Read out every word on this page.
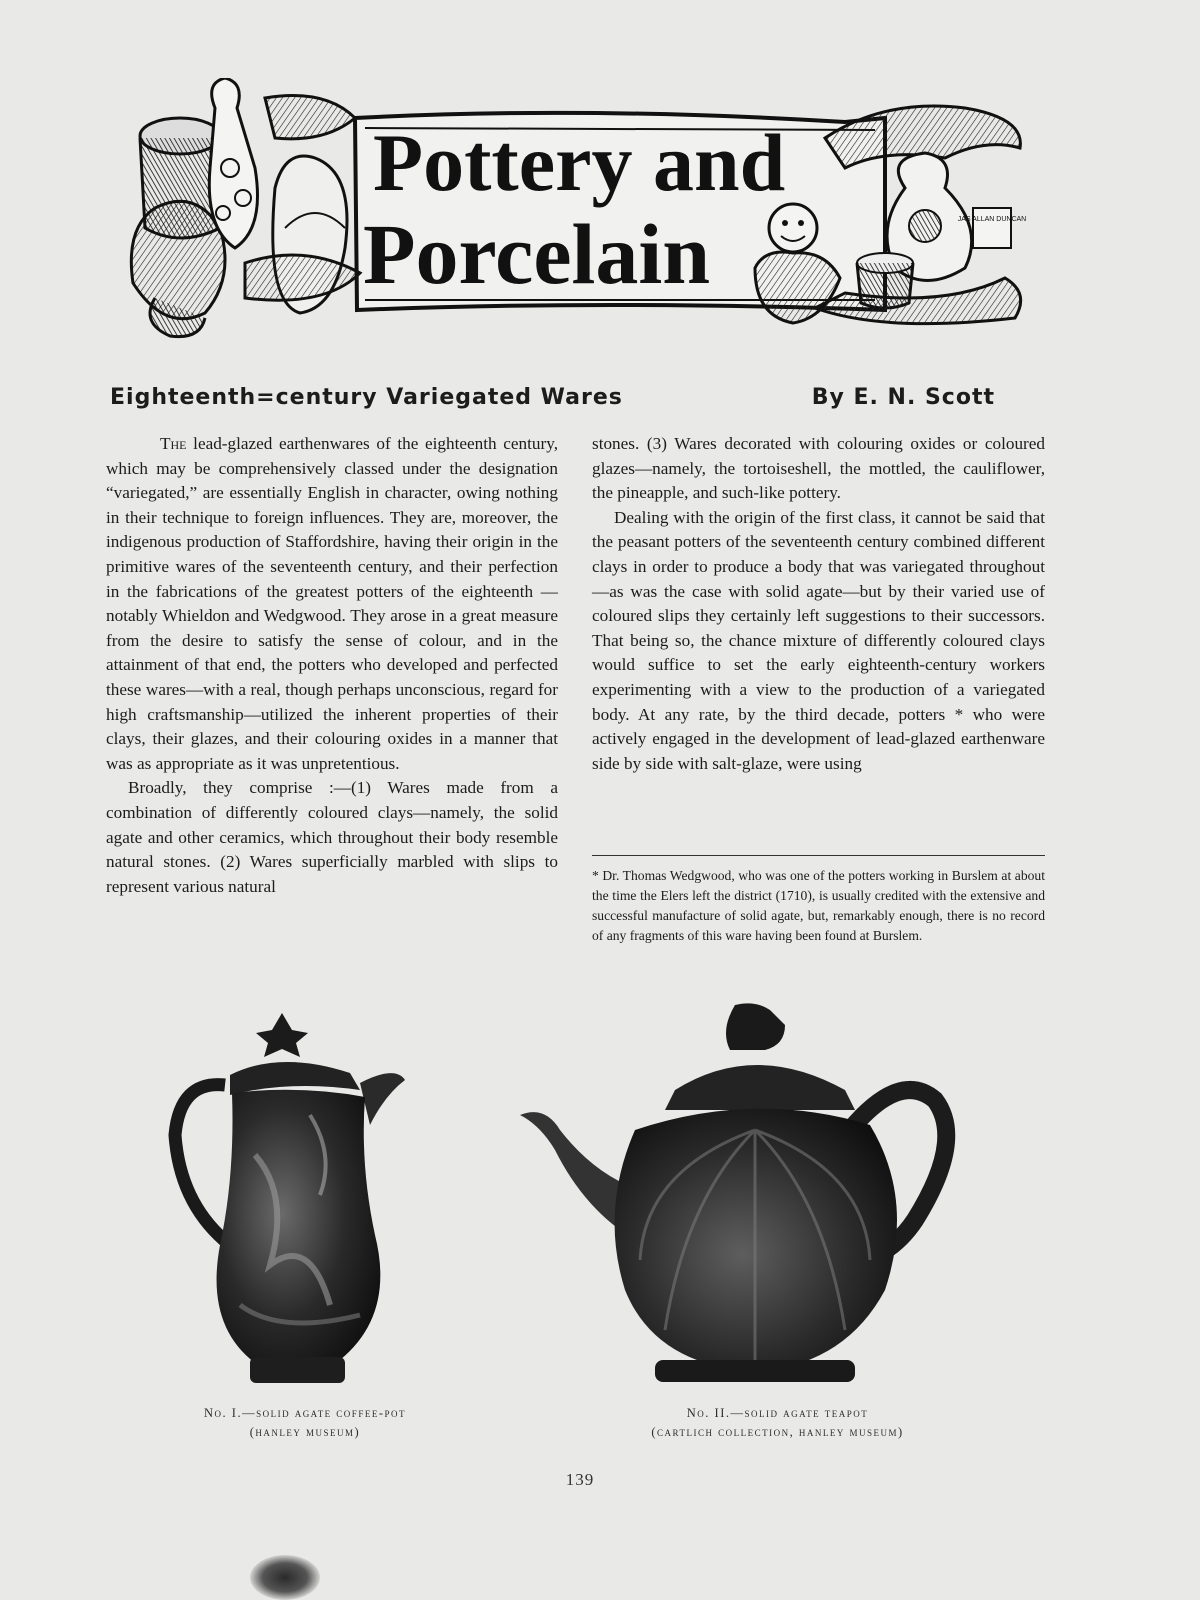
Pottery and
Porcelain	JAS ALLAN DUNCAN
Eighteenth=century Variegated Wares	By E. N. Scott

The lead-glazed earthenwares of the eighteenth century, which may be comprehensively classed under the designation “variegated,” are essentially English in character, owing nothing in their technique to foreign influences. They are, moreover, the indigenous production of Staffordshire, having their origin in the primitive wares of the seventeenth century, and their perfection in the fabrications of the greatest potters of the eighteenth — notably Whieldon and Wedgwood. They arose in a great measure from the desire to satisfy the sense of colour, and in the attainment of that end, the potters who developed and perfected these wares—with a real, though perhaps unconscious, regard for high craftsmanship—utilized the inherent properties of their clays, their glazes, and their colouring oxides in a manner that was as appropriate as it was unpretentious.

Broadly, they comprise :—(1) Wares made from a combination of differently coloured clays—namely, the solid agate and other ceramics, which throughout their body resemble natural stones. (2) Wares superficially marbled with slips to represent various natural

stones. (3) Wares decorated with colouring oxides or coloured glazes—namely, the tortoiseshell, the mottled, the cauliflower, the pineapple, and such-like pottery.

Dealing with the origin of the first class, it cannot be said that the peasant potters of the seventeenth century combined different clays in order to produce a body that was variegated throughout—as was the case with solid agate—but by their varied use of coloured slips they certainly left suggestions to their successors. That being so, the chance mixture of differently coloured clays would suffice to set the early eighteenth-century workers experimenting with a view to the production of a variegated body. At any rate, by the third decade, potters * who were actively engaged in the development of lead-glazed earthenware side by side with salt-glaze, were using

* Dr. Thomas Wedgwood, who was one of the potters working in Burslem at about the time the Elers left the district (1710), is usually credited with the extensive and successful manufacture of solid agate, but, remarkably enough, there is no record of any fragments of this ware having been found at Burslem.
No. I.—solid agate coffee-pot
(hanley museum)
No. II.—solid agate teapot
(cartlich collection, hanley museum)
139
